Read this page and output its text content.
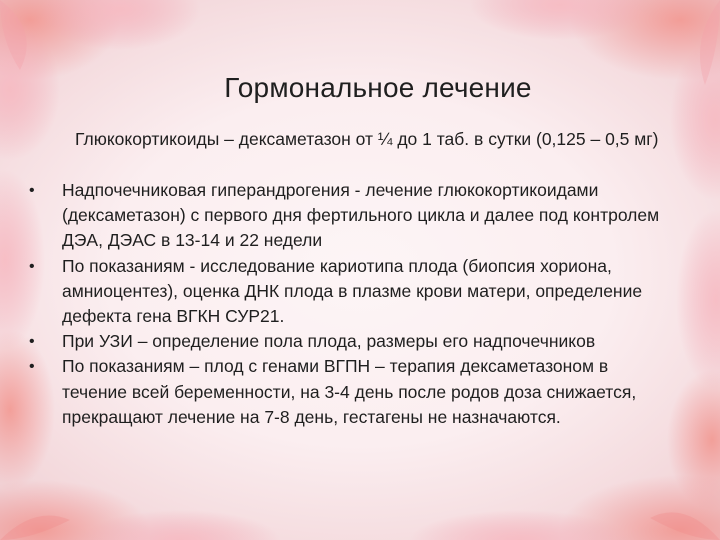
Гормональное лечение
Глюкокортикоиды – дексаметазон от ¼ до 1 таб. в сутки (0,125 – 0,5 мг)
• Надпочечниковая гиперандрогения - лечение глюкокортикоидами (дексаметазон) с первого дня фертильного цикла и далее под контролем ДЭА, ДЭАС в 13-14 и 22 недели
• По показаниям - исследование кариотипа плода (биопсия хориона, амниоцентез), оценка ДНК плода в плазме крови матери, определение дефекта гена ВГКН СУР21.
• При УЗИ – определение пола плода, размеры его надпочечников
• По показаниям – плод с генами ВГПН – терапия дексаметазоном в течение всей беременности, на 3-4 день после родов доза снижается, прекращают лечение на 7-8 день, гестагены не назначаются.
